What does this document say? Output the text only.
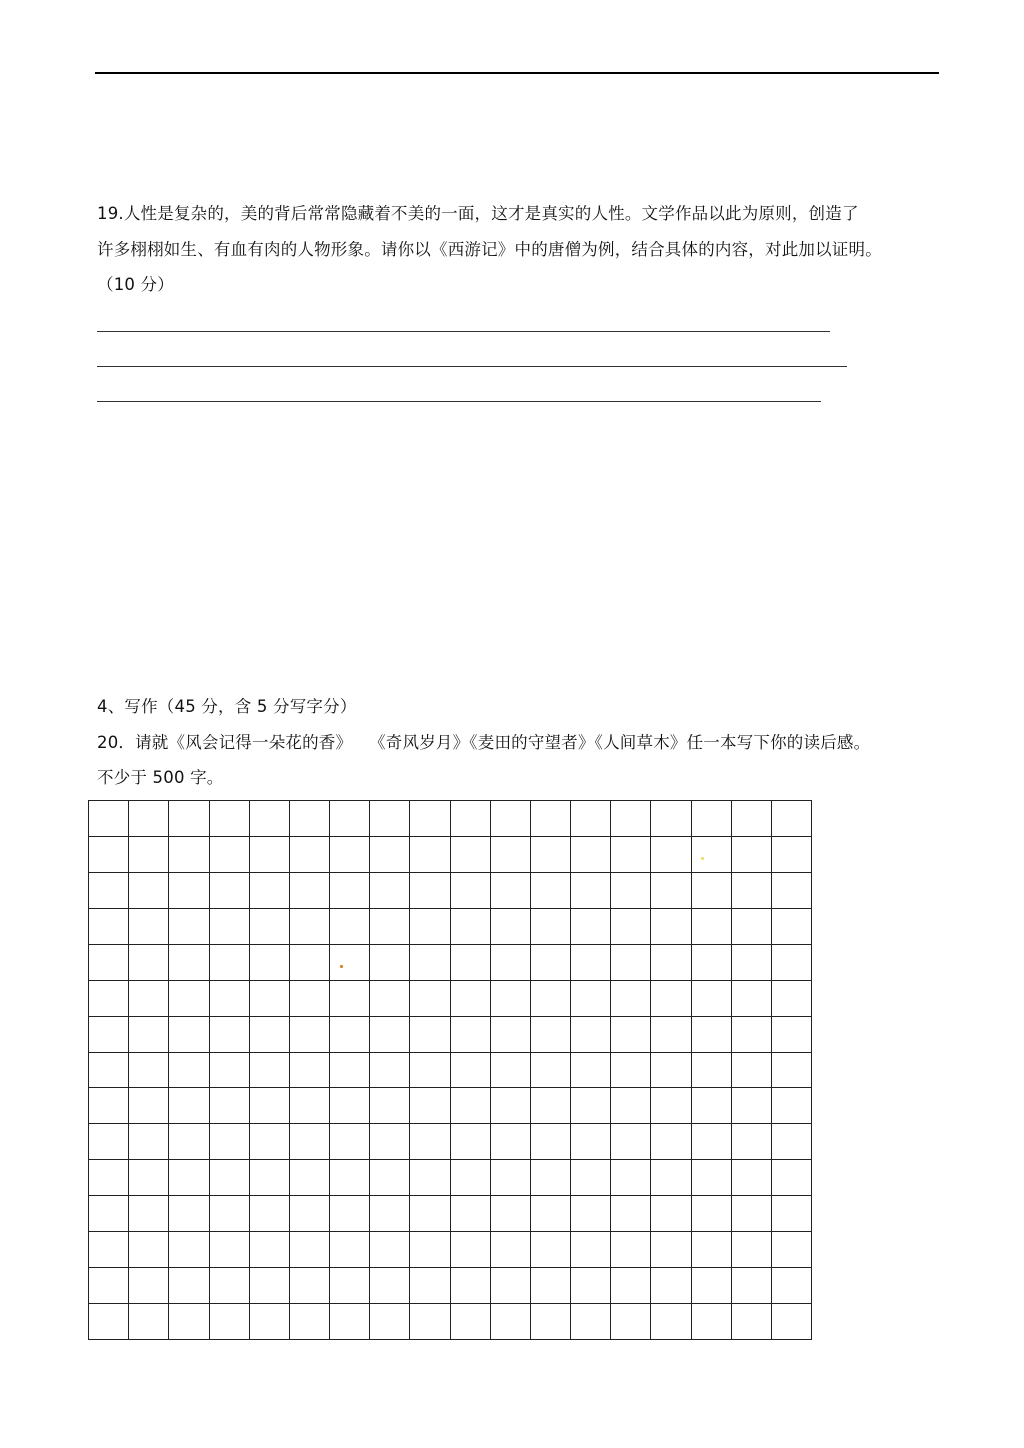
19.人性是复杂的，美的背后常常隐藏着不美的一面，这才是真实的人性。文学作品以此为原则，创造了
许多栩栩如生、有血有肉的人物形象。请你以《西游记》中的唐僧为例，结合具体的内容，对此加以证明。
（10 分）
4、写作（45 分，含 5 分写字分）
20．请就《风会记得一朵花的香》　　《奇风岁月》《麦田的守望者》《人间草木》任一本写下你的读后感。
不少于 500 字。
